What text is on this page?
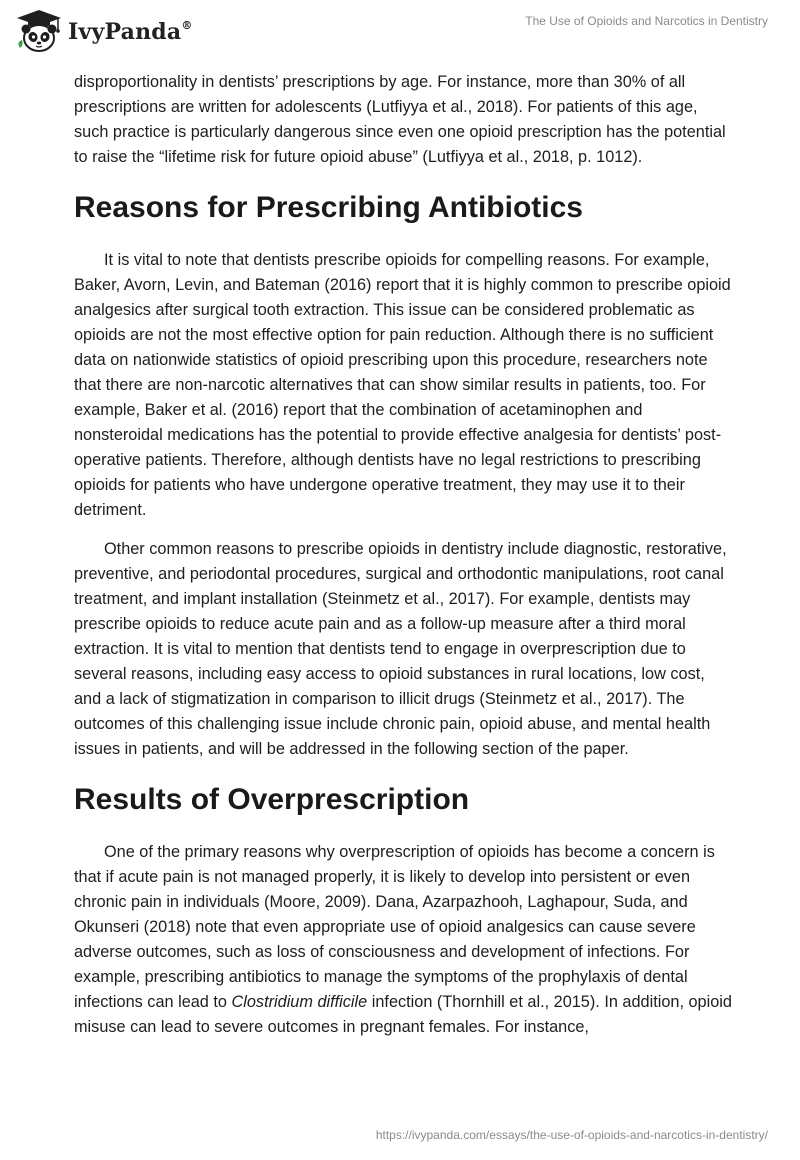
IvyPanda®	The Use of Opioids and Narcotics in Dentistry

disproportionality in dentists’ prescriptions by age. For instance, more than 30% of all prescriptions are written for adolescents (Lutfiyya et al., 2018). For patients of this age, such practice is particularly dangerous since even one opioid prescription has the potential to raise the “lifetime risk for future opioid abuse” (Lutfiyya et al., 2018, p. 1012).

Reasons for Prescribing Antibiotics

It is vital to note that dentists prescribe opioids for compelling reasons. For example, Baker, Avorn, Levin, and Bateman (2016) report that it is highly common to prescribe opioid analgesics after surgical tooth extraction. This issue can be considered problematic as opioids are not the most effective option for pain reduction. Although there is no sufficient data on nationwide statistics of opioid prescribing upon this procedure, researchers note that there are non-narcotic alternatives that can show similar results in patients, too. For example, Baker et al. (2016) report that the combination of acetaminophen and nonsteroidal medications has the potential to provide effective analgesia for dentists’ post-operative patients. Therefore, although dentists have no legal restrictions to prescribing opioids for patients who have undergone operative treatment, they may use it to their detriment.

Other common reasons to prescribe opioids in dentistry include diagnostic, restorative, preventive, and periodontal procedures, surgical and orthodontic manipulations, root canal treatment, and implant installation (Steinmetz et al., 2017). For example, dentists may prescribe opioids to reduce acute pain and as a follow-up measure after a third moral extraction. It is vital to mention that dentists tend to engage in overprescription due to several reasons, including easy access to opioid substances in rural locations, low cost, and a lack of stigmatization in comparison to illicit drugs (Steinmetz et al., 2017). The outcomes of this challenging issue include chronic pain, opioid abuse, and mental health issues in patients, and will be addressed in the following section of the paper.

Results of Overprescription

One of the primary reasons why overprescription of opioids has become a concern is that if acute pain is not managed properly, it is likely to develop into persistent or even chronic pain in individuals (Moore, 2009). Dana, Azarpazhooh, Laghapour, Suda, and Okunseri (2018) note that even appropriate use of opioid analgesics can cause severe adverse outcomes, such as loss of consciousness and development of infections. For example, prescribing antibiotics to manage the symptoms of the prophylaxis of dental infections can lead to Clostridium difficile infection (Thornhill et al., 2015). In addition, opioid misuse can lead to severe outcomes in pregnant females. For instance,

https://ivypanda.com/essays/the-use-of-opioids-and-narcotics-in-dentistry/
